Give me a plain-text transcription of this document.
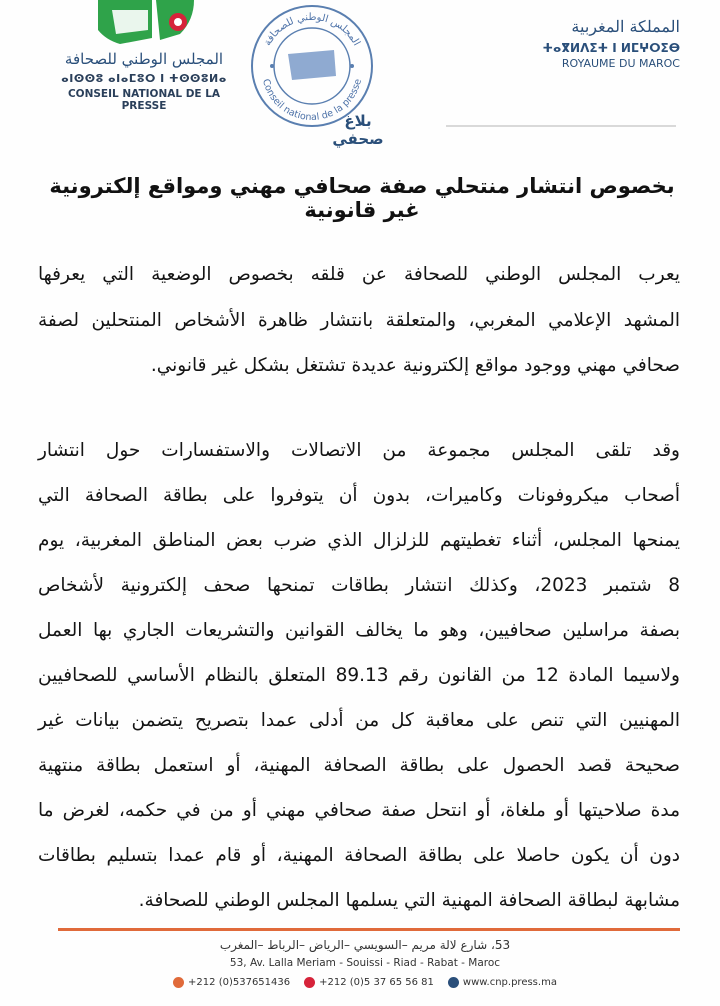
المجلس الوطني للصحافة
ⴰⵏⵙⵙⵓ ⴰⵏⴰⵎⵓⵔ ⵏ ⵜⵙⵙⵓⵍⴰ
CONSEIL NATIONAL DE LA PRESSE
المجلس الوطني للصحافة
Conseil national de la presse
بلاغ صحفي
المملكة المغربية
ⵜⴰⴳⵍⴷⵉⵜ ⵏ ⵍⵎⵖⵔⵉⴱ
ROYAUME DU MAROC
بخصوص انتشار منتحلي صفة صحافي مهني ومواقع إلكترونية غير قانونية
يعرب المجلس الوطني للصحافة عن قلقه بخصوص الوضعية التي يعرفها
المشهد الإعلامي المغربي، والمتعلقة بانتشار ظاهرة الأشخاص المنتحلين لصفة
صحافي مهني ووجود مواقع إلكترونية عديدة تشتغل بشكل غير قانوني.
وقد تلقى المجلس مجموعة من الاتصالات والاستفسارات حول انتشار
أصحاب ميكروفونات وكاميرات، بدون أن يتوفروا على بطاقة الصحافة التي
يمنحها المجلس، أثناء تغطيتهم للزلزال الذي ضرب بعض المناطق المغربية، يوم
8 شتمبر 2023، وكذلك انتشار بطاقات تمنحها صحف إلكترونية لأشخاص
بصفة مراسلين صحافيين، وهو ما يخالف القوانين والتشريعات الجاري بها العمل
ولاسيما المادة 12 من القانون رقم 89.13 المتعلق بالنظام الأساسي للصحافيين
المهنيين التي تنص على معاقبة كل من أدلى عمدا بتصريح يتضمن بيانات غير
صحيحة قصد الحصول على بطاقة الصحافة المهنية، أو استعمل بطاقة منتهية
مدة صلاحيتها أو ملغاة، أو انتحل صفة صحافي مهني أو من في حكمه، لغرض ما
دون أن يكون حاصلا على بطاقة الصحافة المهنية، أو قام عمدا بتسليم بطاقات
مشابهة لبطاقة الصحافة المهنية التي يسلمها المجلس الوطني للصحافة.
53، شارع لالة مريم –السويسي –الرياض –الرباط –المغرب
53, Av. Lalla Meriam - Souissi - Riad - Rabat - Maroc
+212 (0)537651436	+212 (0)5 37 65 56 81	www.cnp.press.ma
